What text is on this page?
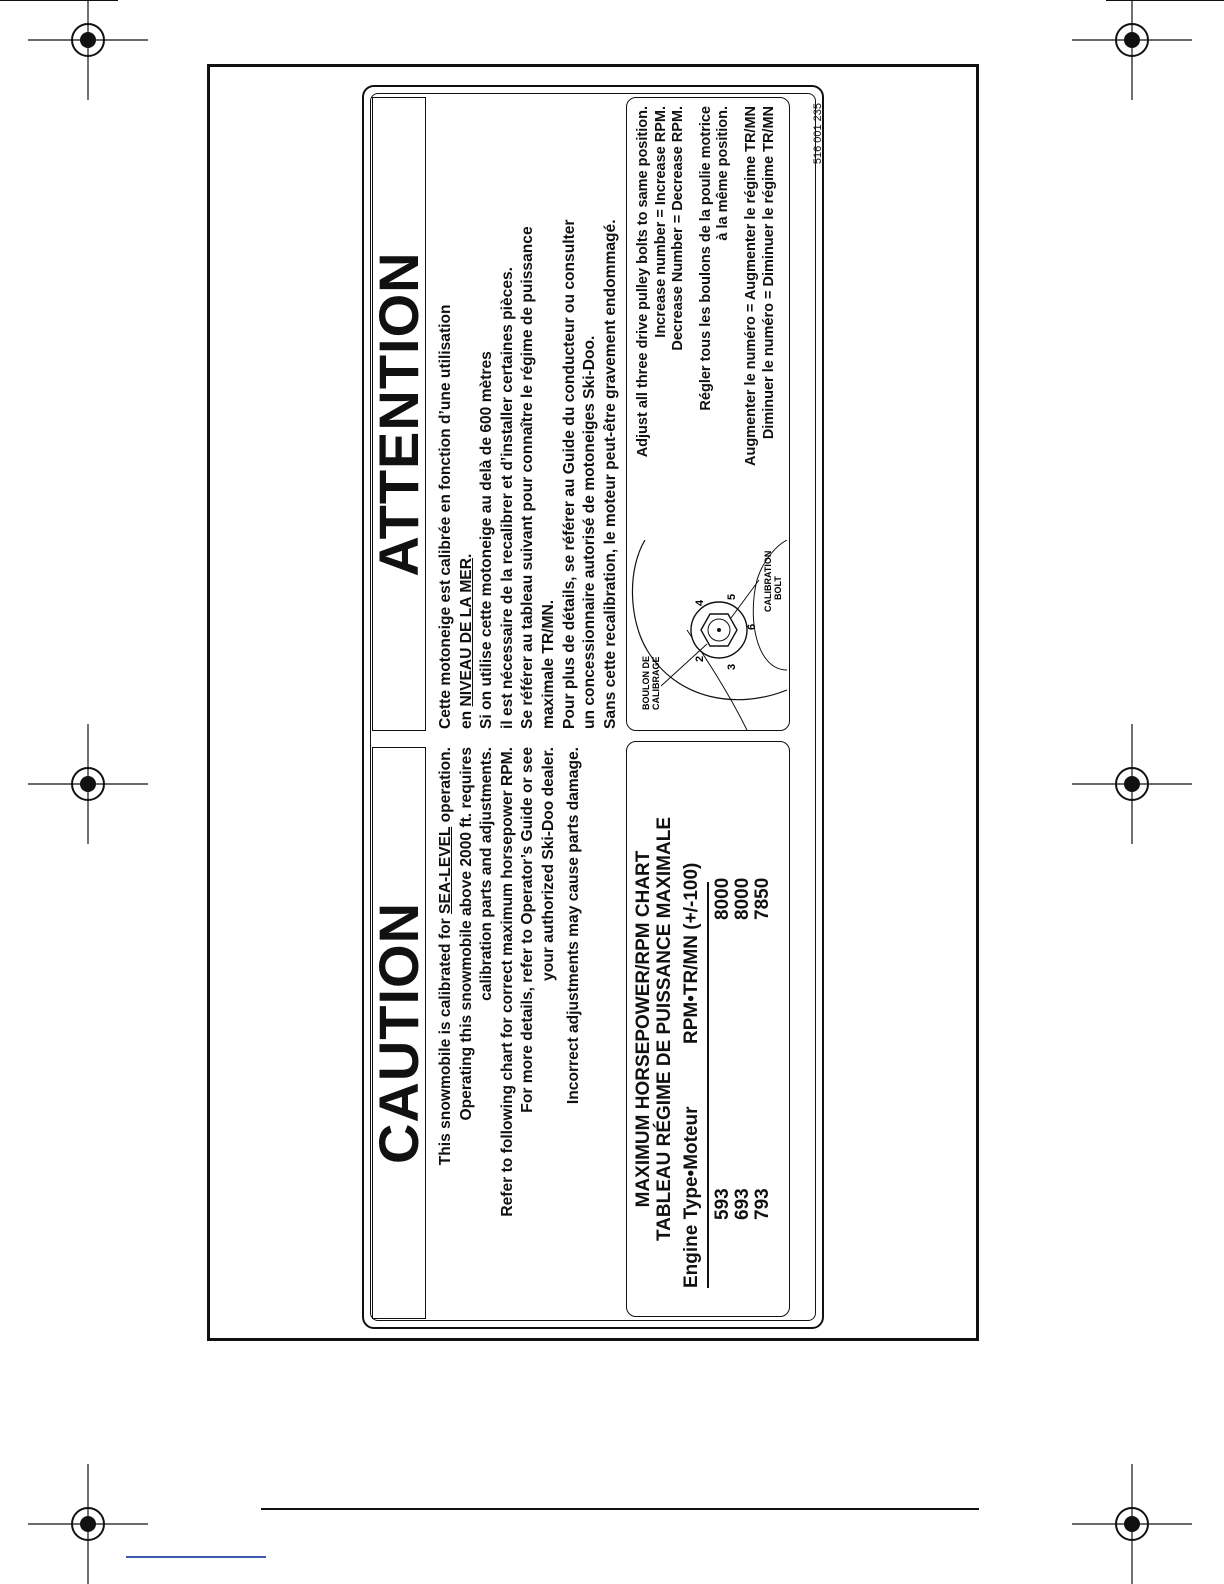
CAUTION
ATTENTION
This snowmobile is calibrated for SEA-LEVEL operation. Operating this snowmobile above 2000 ft. requires calibration parts and adjustments. Refer to following chart for correct maximum horsepower RPM. For more details, refer to Operator’s Guide or see your authorized Ski-Doo dealer. Incorrect adjustments may cause parts damage.
Cette motoneige est calibrée en fonction d’une utilisation en NIVEAU DE LA MER. Si on utilise cette motoneige au delà de 600 mètres il est nécessaire de la recalibrer et d’installer certaines pièces. Se référer au tableau suivant pour connaître le régime de puissance maximale TR/MN. Pour plus de détails, se référer au Guide du conducteur ou consulter un concessionnaire autorisé de motoneiges Ski-Doo. Sans cette recalibration, le moteur peut-être gravement endommagé.
MAXIMUM HORSEPOWER/RPM CHART TABLEAU RÉGIME DE PUISSANCE MAXIMALE Engine Type•Moteur
RPM•TR/MN (+/-100)
593 693 793
8000 8000 7850
2
3
4
5
6
BOULON DE CALIBRAGE
CALIBRATION BOLT
Adjust all three drive pulley bolts to same position. Increase number = Increase RPM. Decrease Number = Decrease RPM. Régler tous les boulons de la poulie motrice à la même position. Augmenter le numéro = Augmenter le régime TR/MN Diminuer le numéro = Diminuer le régime TR/MN	516 001 235
